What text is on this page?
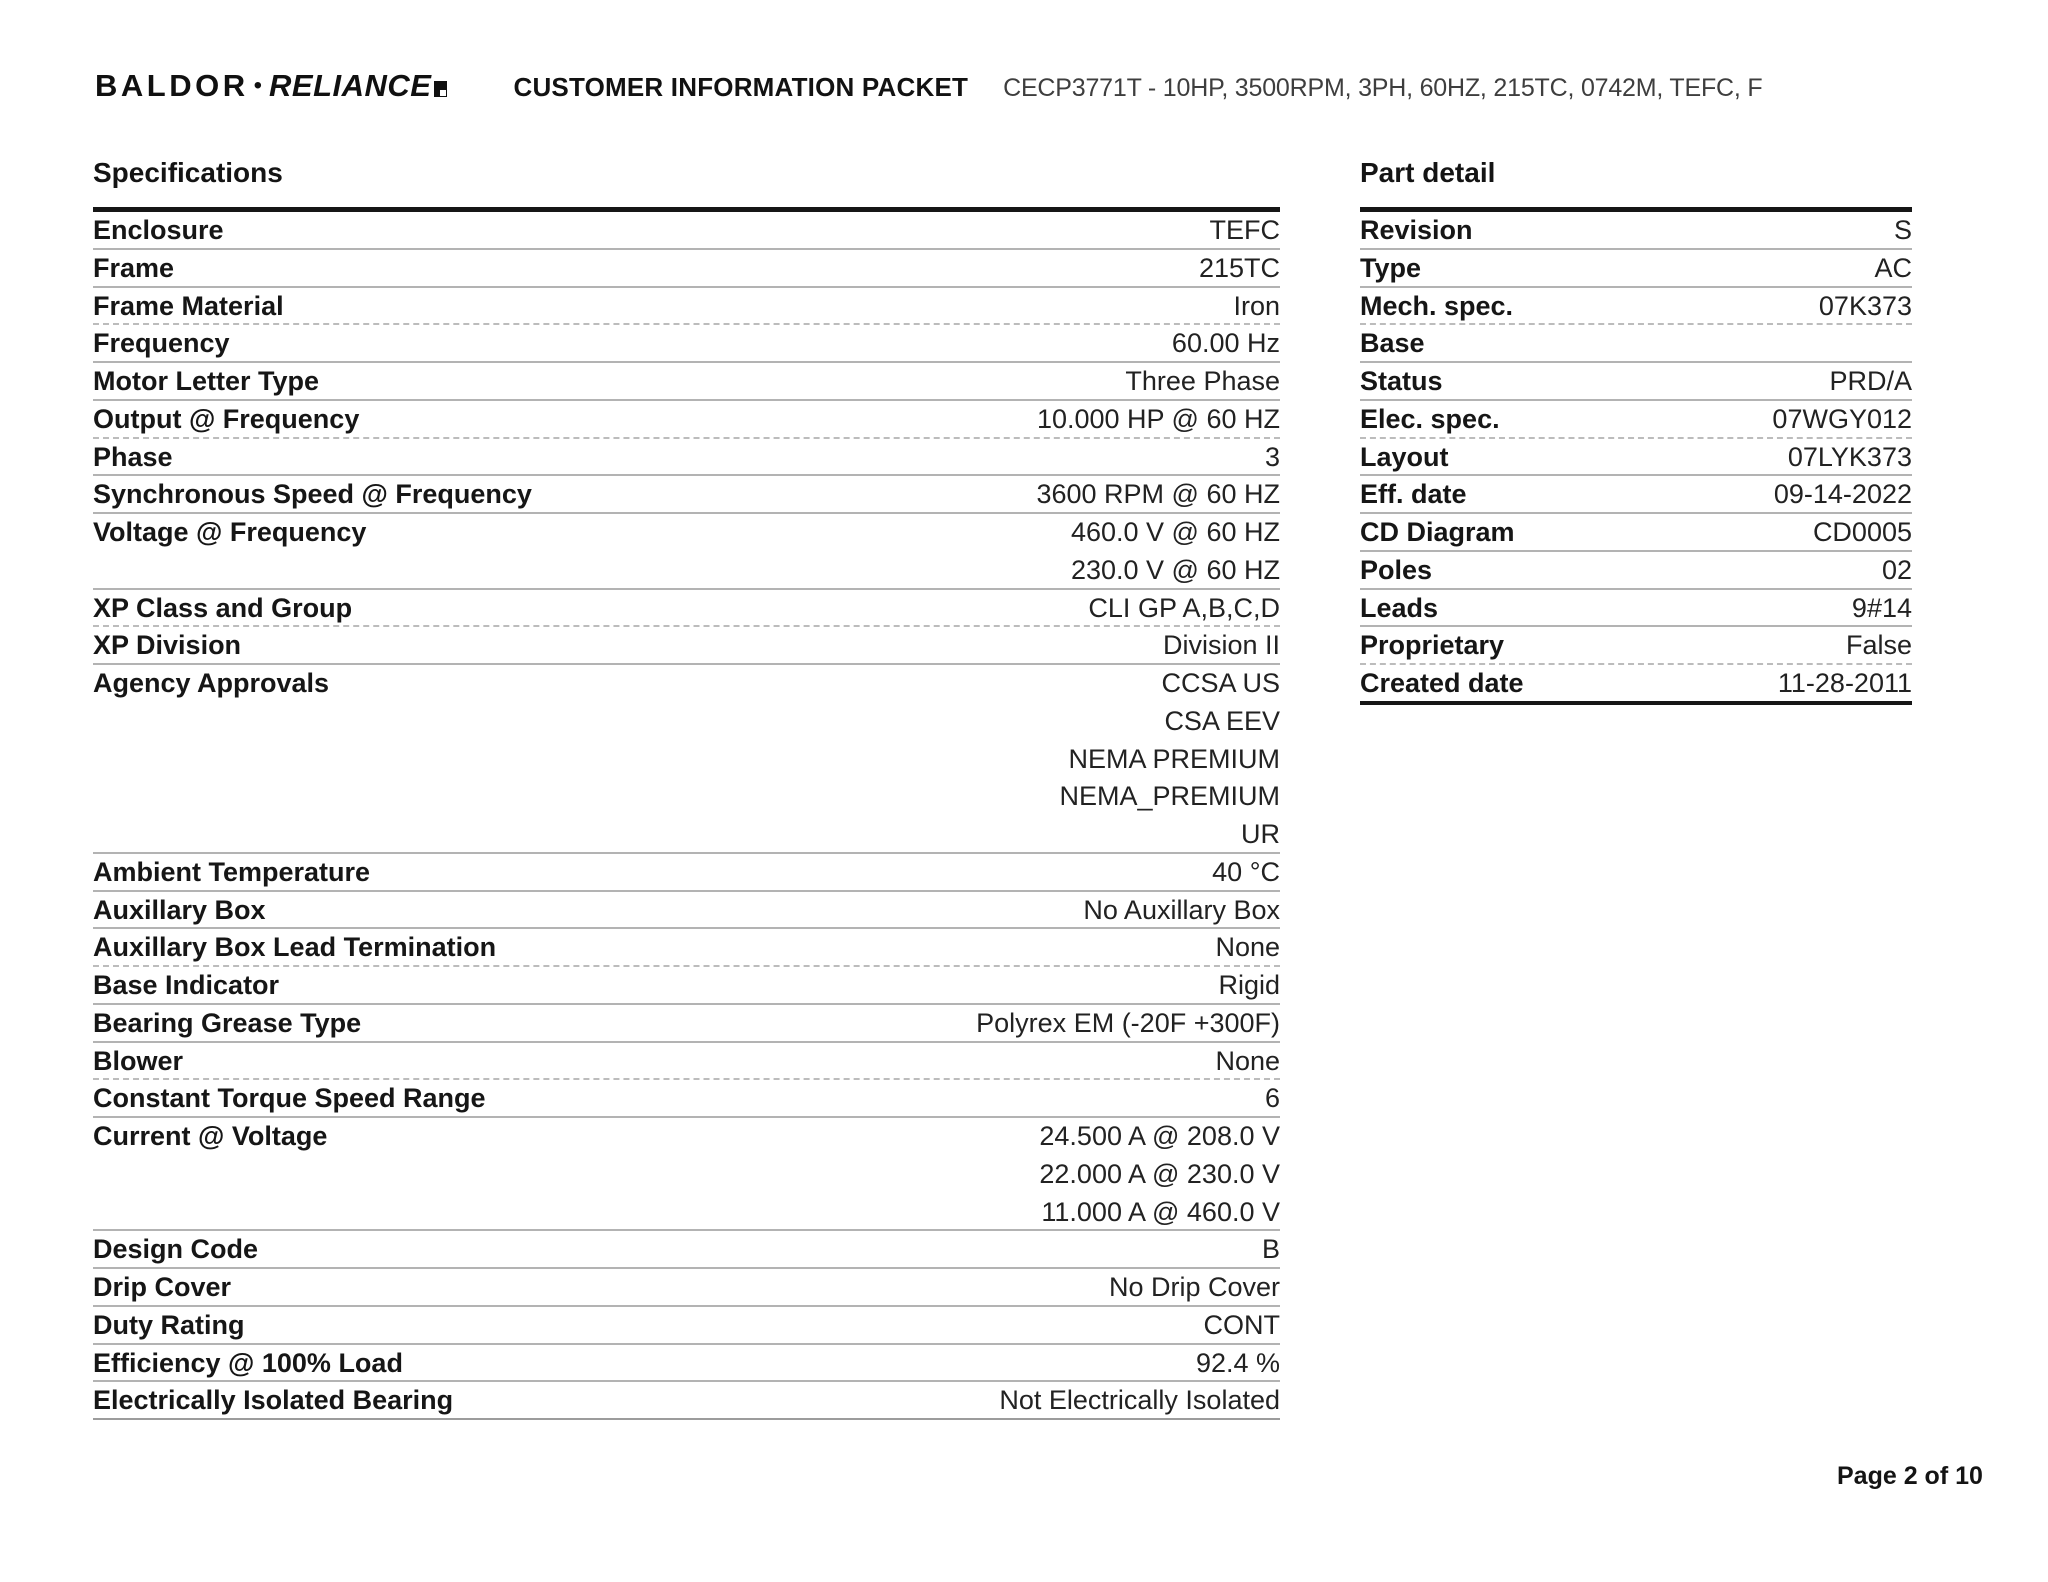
BALDOR • RELIANCE	CUSTOMER INFORMATION PACKET CECP3771T - 10HP, 3500RPM, 3PH, 60HZ, 215TC, 0742M, TEFC, F
Specifications
Enclosure	TEFC
Frame	215TC
Frame Material	Iron
Frequency	60.00 Hz
Motor Letter Type	Three Phase
Output @ Frequency	10.000 HP @ 60 HZ
Phase	3
Synchronous Speed @ Frequency	3600 RPM @ 60 HZ
Voltage @ Frequency	460.0 V @ 60 HZ
230.0 V @ 60 HZ
XP Class and Group	CLI GP A,B,C,D
XP Division	Division II
Agency Approvals	CCSA US
CSA EEV
NEMA PREMIUM
NEMA_PREMIUM
UR
Ambient Temperature	40 °C
Auxillary Box	No Auxillary Box
Auxillary Box Lead Termination	None
Base Indicator	Rigid
Bearing Grease Type	Polyrex EM (-20F +300F)
Blower	None
Constant Torque Speed Range	6
Current @ Voltage	24.500 A @ 208.0 V
22.000 A @ 230.0 V
11.000 A @ 460.0 V
Design Code	B
Drip Cover	No Drip Cover
Duty Rating	CONT
Efficiency @ 100% Load	92.4 %
Electrically Isolated Bearing	Not Electrically Isolated
Part detail
Revision	S
Type	AC
Mech. spec.	07K373
Base
Status	PRD/A
Elec. spec.	07WGY012
Layout	07LYK373
Eff. date	09-14-2022
CD Diagram	CD0005
Poles	02
Leads	9#14
Proprietary	False
Created date	11-28-2011
Page 2 of 10
